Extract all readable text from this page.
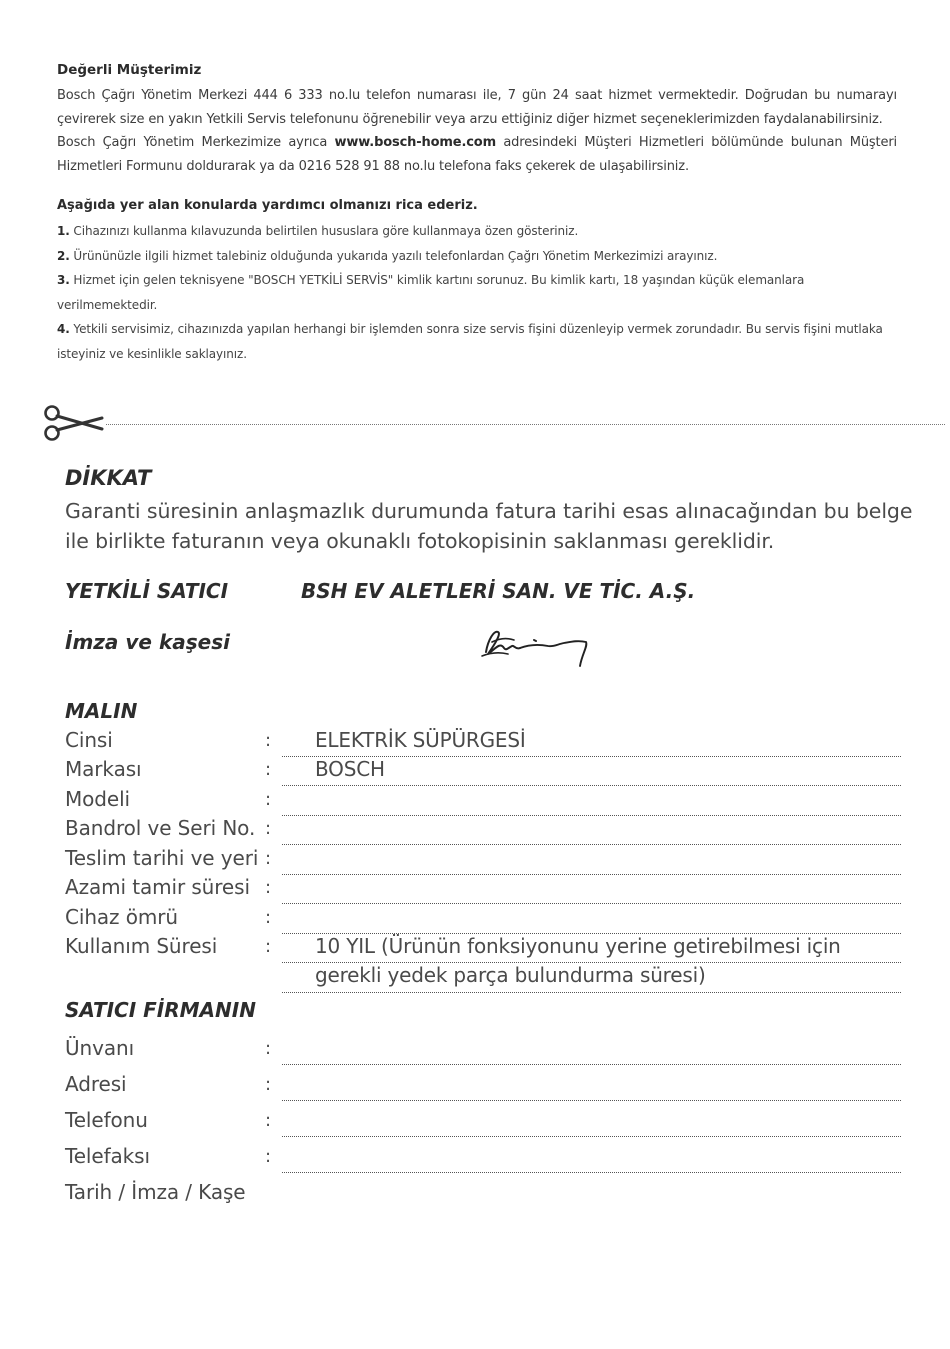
Değerli Müşterimiz

Bosch Çağrı Yönetim Merkezi 444 6 333 no.lu telefon numarası ile, 7 gün 24 saat hizmet vermektedir. Doğrudan bu numarayı çevirerek size en yakın Yetkili Servis telefonunu öğrenebilir veya arzu ettiğiniz diğer hizmet seçeneklerimizden faydalanabilirsiniz.

Bosch Çağrı Yönetim Merkezimize ayrıca www.bosch-home.com adresindeki Müşteri Hizmetleri bölümünde bulunan Müşteri Hizmetleri Formunu doldurarak ya da 0216 528 91 88 no.lu telefona faks çekerek de ulaşabilirsiniz.

Aşağıda yer alan konularda yardımcı olmanızı rica ederiz.

1. Cihazınızı kullanma kılavuzunda belirtilen hususlara göre kullanmaya özen gösteriniz.

2. Ürününüzle ilgili hizmet talebiniz olduğunda yukarıda yazılı telefonlardan Çağrı Yönetim Merkezimizi arayınız.

3. Hizmet için gelen teknisyene "BOSCH YETKİLİ SERVİS" kimlik kartını sorunuz. Bu kimlik kartı, 18 yaşından küçük elemanlara verilmemektedir.

4. Yetkili servisimiz, cihazınızda yapılan herhangi bir işlemden sonra size servis fişini düzenleyip vermek zorundadır. Bu servis fişini mutlaka isteyiniz ve kesinlikle saklayınız.

DİKKAT

Garanti süresinin anlaşmazlık durumunda fatura tarihi esas alınacağından bu belge ile birlikte faturanın veya okunaklı fotokopisinin saklanması gereklidir.

YETKİLİ SATICI	BSH EV ALETLERİ SAN. VE TİC. A.Ş.

İmza ve kaşesi

MALIN

Cinsi	: ELEKTRİK SÜPÜRGESİ
Markası	: BOSCH
Modeli	:
Bandrol ve Seri No. :
Teslim tarihi ve yeri :
Azami tamir süresi :
Cihaz ömrü	:
Kullanım Süresi	: 10 YIL (Ürünün fonksiyonunu yerine getirebilmesi için
gerekli yedek parça bulundurma süresi)

SATICI FİRMANIN

Ünvanı	:
Adresi	:
Telefonu	:
Telefaksı	:
Tarih / İmza / Kaşe
